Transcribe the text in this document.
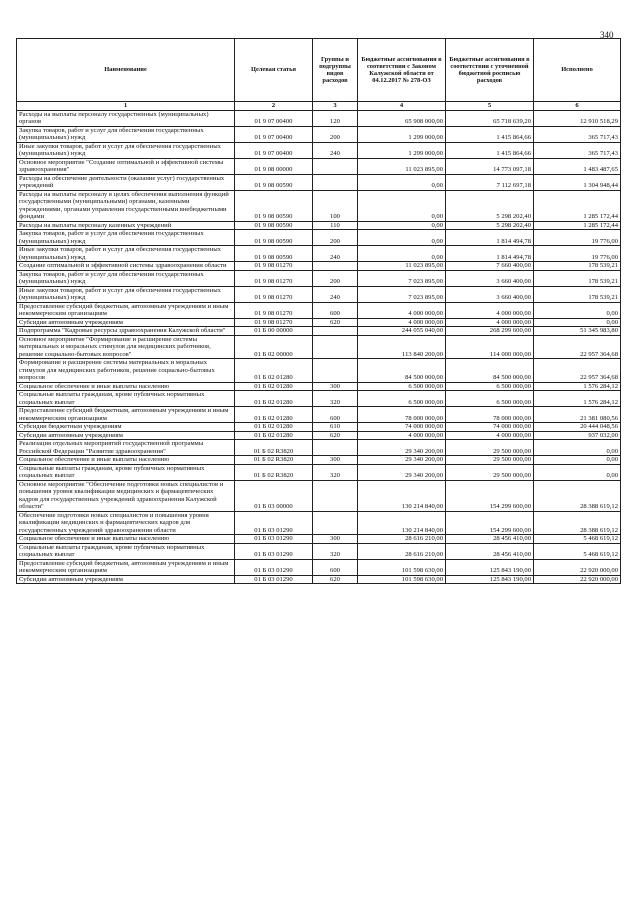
340
Наименование	Целевая статья	Группы и подгруппы видов расходов	Бюджетные ассигнования в соответствии с Законом Калужской области от 04.12.2017 № 278-ОЗ	Бюджетные ассигнования в соответствии с уточненной бюджетной росписью расходов	Исполнено
1	2	3	4	5	6
Расходы на выплаты персоналу государственных (муниципальных) органов	01 9 07 00400	120	65 908 000,00	65 718 639,20	12 910 518,29
Закупка товаров, работ и услуг для обеспечения государственных (муниципальных) нужд	01 9 07 00400	200	1 299 000,00	1 415 864,66	365 717,43
Иные закупки товаров, работ и услуг для обеспечения государственных (муниципальных) нужд	01 9 07 00400	240	1 299 000,00	1 415 864,66	365 717,43
Основное мероприятие "Создание оптимальной и эффективной системы здравоохранения"	01 9 08 00000		11 023 895,00	14 773 097,18	1 483 487,65
Расходы на обеспечение деятельности (оказание услуг) государственных учреждений	01 9 08 00590		0,00	7 112 697,18	1 304 948,44
Расходы на выплаты персоналу в целях обеспечения выполнения функций государственными (муниципальными) органами, казенными учреждениями, органами управления государственными внебюджетными фондами	01 9 08 00590	100	0,00	5 298 202,40	1 285 172,44
Расходы на выплаты персоналу казенных учреждений	01 9 08 00590	110	0,00	5 298 202,40	1 285 172,44
Закупка товаров, работ и услуг для обеспечения государственных (муниципальных) нужд	01 9 08 00590	200	0,00	1 814 494,78	19 776,00
Иные закупки товаров, работ и услуг для обеспечения государственных (муниципальных) нужд	01 9 08 00590	240	0,00	1 814 494,78	19 776,00
Создание оптимальной и эффективной системы здравоохранения области	01 9 08 01270		11 023 895,00	7 660 400,00	178 539,21
Закупка товаров, работ и услуг для обеспечения государственных (муниципальных) нужд	01 9 08 01270	200	7 023 895,00	3 660 400,00	178 539,21
Иные закупки товаров, работ и услуг для обеспечения государственных (муниципальных) нужд	01 9 08 01270	240	7 023 895,00	3 660 400,00	178 539,21
Предоставление субсидий бюджетным, автономным учреждениям и иным некоммерческим организациям	01 9 08 01270	600	4 000 000,00	4 000 000,00	0,00
Субсидии автономным учреждениям	01 9 08 01270	620	4 000 000,00	4 000 000,00	0,00
Подпрограмма "Кадровые ресурсы здравоохранения Калужской области"	01 Б 00 00000		244 055 040,00	268 299 600,00	51 345 983,80
Основное мероприятие "Формирование и расширение системы материальных и моральных стимулов для медицинских работников, решение социально-бытовых вопросов"	01 Б 02 00000		113 840 200,00	114 000 000,00	22 957 364,68
Формирование и расширение системы материальных и моральных стимулов для медицинских работников, решение социально-бытовых вопросов	01 Б 02 01280		84 500 000,00	84 500 000,00	22 957 364,68
Социальное обеспечение и иные выплаты населению	01 Б 02 01280	300	6 500 000,00	6 500 000,00	1 576 284,12
Социальные выплаты гражданам, кроме публичных нормативных социальных выплат	01 Б 02 01280	320	6 500 000,00	6 500 000,00	1 576 284,12
Предоставление субсидий бюджетным, автономным учреждениям и иным некоммерческим организациям	01 Б 02 01280	600	78 000 000,00	78 000 000,00	21 381 080,56
Субсидии бюджетным учреждениям	01 Б 02 01280	610	74 000 000,00	74 000 000,00	20 444 048,56
Субсидии автономным учреждениям	01 Б 02 01280	620	4 000 000,00	4 000 000,00	937 032,00
Реализация отдельных мероприятий государственной программы Российской Федерации "Развитие здравоохранения"	01 Б 02 R3820		29 340 200,00	29 500 000,00	0,00
Социальное обеспечение и иные выплаты населению	01 Б 02 R3820	300	29 340 200,00	29 500 000,00	0,00
Социальные выплаты гражданам, кроме публичных нормативных социальных выплат	01 Б 02 R3820	320	29 340 200,00	29 500 000,00	0,00
Основное мероприятие "Обеспечение подготовки новых специалистов и повышения уровня квалификации медицинских и фармацевтических кадров для государственных учреждений здравоохранения Калужской области"	01 Б 03 00000		130 214 840,00	154 299 600,00	28 388 619,12
Обеспечение подготовки новых специалистов и повышения уровня квалификации медицинских и фармацевтических кадров для государственных учреждений здравоохранения области	01 Б 03 01290		130 214 840,00	154 299 600,00	28 388 619,12
Социальное обеспечение и иные выплаты населению	01 Б 03 01290	300	28 616 210,00	28 456 410,00	5 468 619,12
Социальные выплаты гражданам, кроме публичных нормативных социальных выплат	01 Б 03 01290	320	28 616 210,00	28 456 410,00	5 468 619,12
Предоставление субсидий бюджетным, автономным учреждениям и иным некоммерческим организациям	01 Б 03 01290	600	101 598 630,00	125 843 190,00	22 920 000,00
Субсидии автономным учреждениям	01 Б 03 01290	620	101 598 630,00	125 843 190,00	22 920 000,00
